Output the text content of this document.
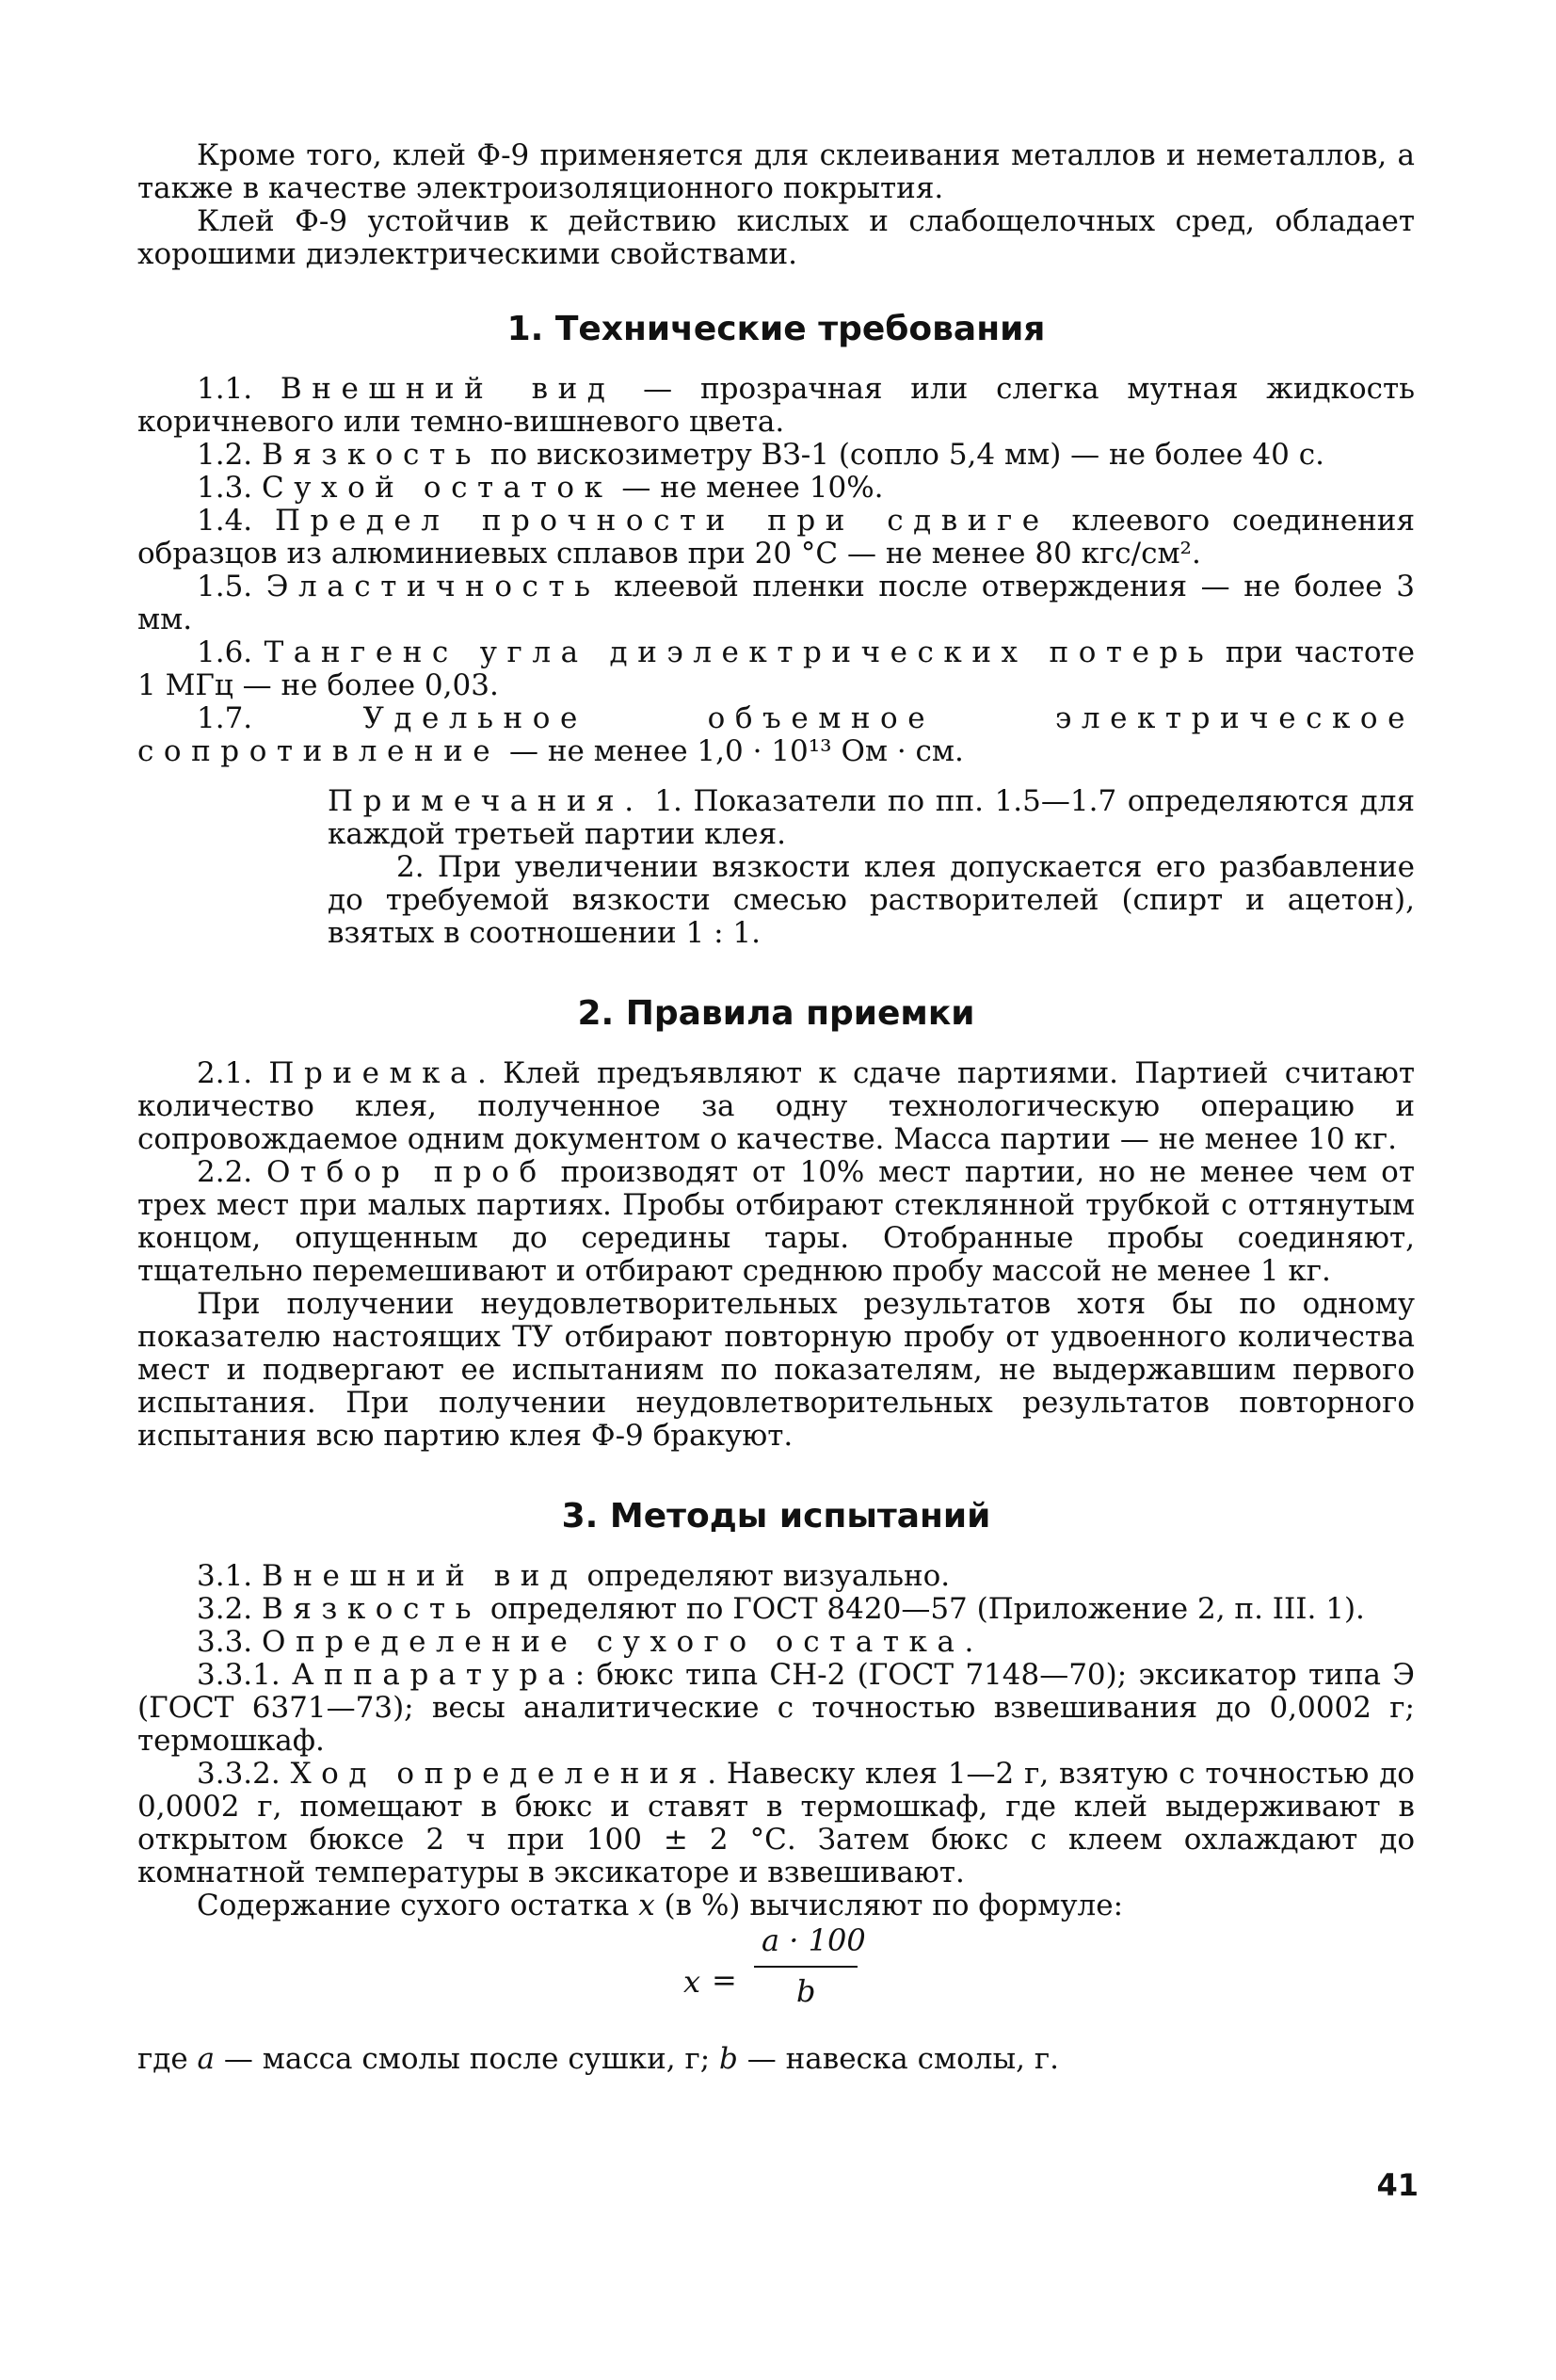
Кроме того, клей Ф-9 применяется для склеивания металлов и неметаллов, а также в качестве электроизоляционного покрытия.

Клей Ф-9 устойчив к действию кислых и слабощелочных сред, обладает хорошими диэлектрическими свойствами.

1. Технические требования

1.1. Внешний вид — прозрачная или слегка мутная жидкость коричневого или темно-вишневого цвета.

1.2. Вязкость по вискозиметру ВЗ-1 (сопло 5,4 мм) — не более 40 с.

1.3. Сухой остаток — не менее 10%.

1.4. Предел прочности при сдвиге клеевого соединения образцов из алюминиевых сплавов при 20 °С — не менее 80 кгс/см².

1.5. Эластичность клеевой пленки после отверждения — не более 3 мм.

1.6. Тангенс угла диэлектрических потерь при частоте 1 МГц — не более 0,03.

1.7.	Удельное объемное электрическое сопротивление — не менее 1,0 · 10¹³ Ом · см.

Примечания. 1. Показатели по пп. 1.5—1.7 определяются для каждой третьей партии клея.

2. При увеличении вязкости клея допускается его разбавление до требуемой вязкости смесью растворителей (спирт и ацетон), взятых в соотношении 1 : 1.

2. Правила приемки

2.1. Приемка. Клей предъявляют к сдаче партиями. Партией считают количество клея, полученное за одну технологическую операцию и сопровождаемое одним документом о качестве. Масса партии — не менее 10 кг.

2.2. Отбор проб производят от 10% мест партии, но не менее чем от трех мест при малых партиях. Пробы отбирают стеклянной трубкой с оттянутым концом, опущенным до середины тары. Отобранные пробы соединяют, тщательно перемешивают и отбирают среднюю пробу массой не менее 1 кг.

При получении неудовлетворительных результатов хотя бы по одному показателю настоящих ТУ отбирают повторную пробу от удвоенного количества мест и подвергают ее испытаниям по показателям, не выдержавшим первого испытания. При получении неудовлетворительных результатов повторного испытания всю партию клея Ф-9 бракуют.

3. Методы испытаний

3.1. Внешний вид определяют визуально.

3.2. Вязкость определяют по ГОСТ 8420—57 (Приложение 2, п. III. 1).

3.3. Определение сухого остатка.

3.3.1. Аппаратура: бюкс типа СН-2 (ГОСТ 7148—70); эксикатор типа Э (ГОСТ 6371—73); весы аналитические с точностью взвешивания до 0,0002 г; термошкаф.

3.3.2. Ход определения. Навеску клея 1—2 г, взятую с точностью до 0,0002 г, помещают в бюкс и ставят в термошкаф, где клей выдерживают в открытом бюксе 2 ч при 100 ± 2 °С. Затем бюкс с клеем охлаждают до комнатной температуры в эксикаторе и взвешивают.

Содержание сухого остатка x (в %) вычисляют по формуле:

x =
a · 100
b

где a — масса смолы после сушки, г; b — навеска смолы, г.

41
